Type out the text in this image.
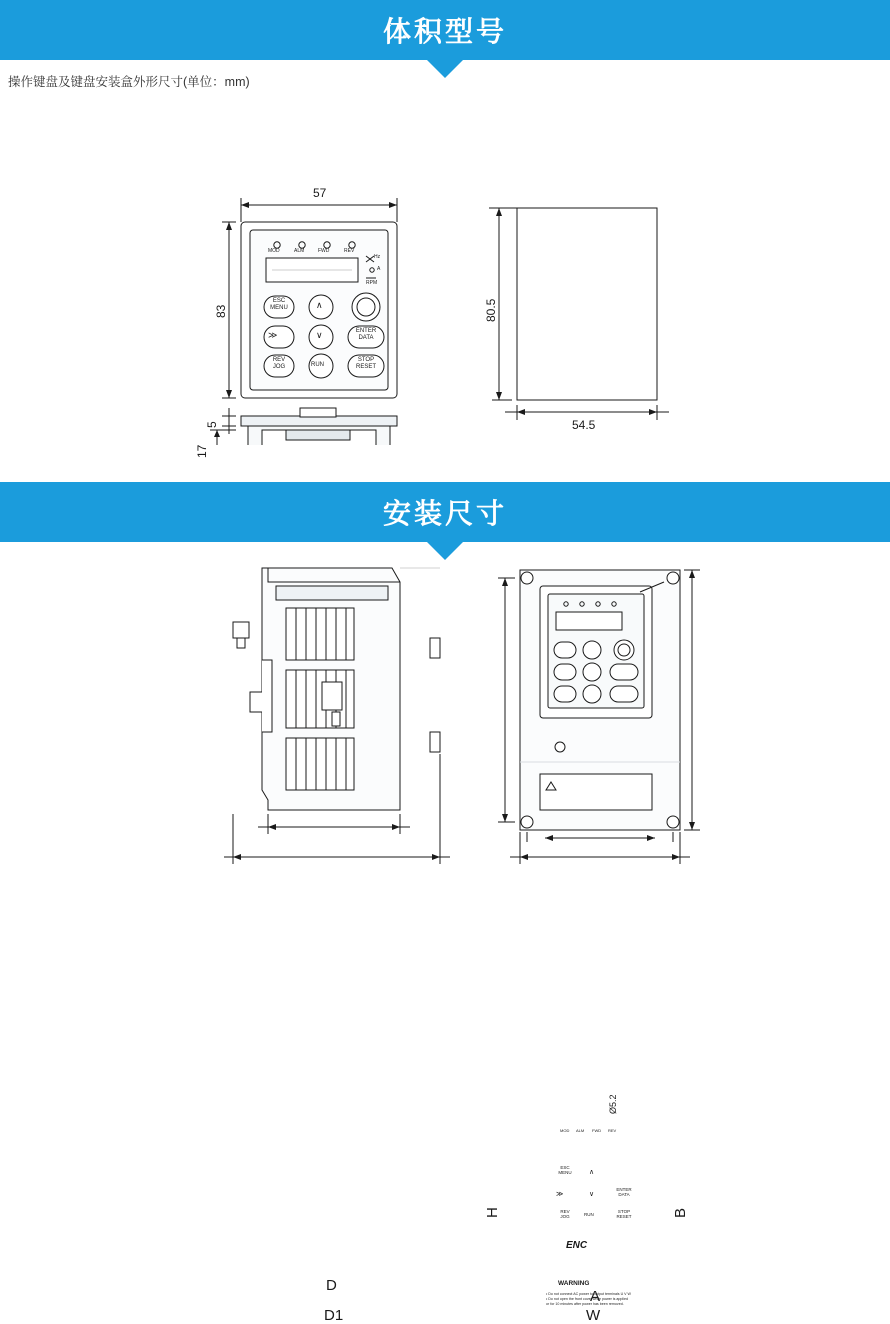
体积型号
操作键盘及键盘安装盒外形尺寸(单位：mm)
57
83
5
17
80.5
54.5
MOD	ALM	FWD	REV
ESC
MENU	∧
≫	∨	ENTER
DATA
REV
JOG	RUN
STOP
RESET
Hz
A
RPM
安装尺寸
D
D1
H	B
A
W
Ø5.2
MOD ALM FWD REV
ESC
MENU	∧
≫	∨
ENTER
DATA
REV
JOG	RUN
STOP
RESET
ENC
WARNING
• Do not connect AC power to output terminals U V W
• Do not open the front cover while power is applied
or for 10 minutes after power has been removed.
